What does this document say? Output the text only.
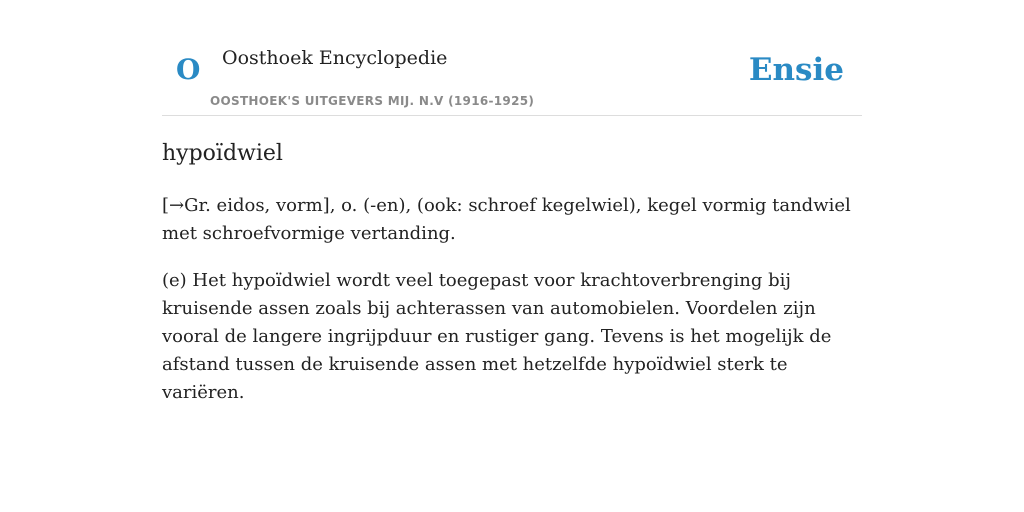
O Oosthoek Encyclopedie
OOSTHOEK'S UITGEVERS MIJ. N.V (1916-1925)
Ensie
hypoïdwiel

[→Gr. eidos, vorm], o. (-en), (ook: schroef kegelwiel), kegel vormig tandwiel met schroefvormige vertanding.

(e) Het hypoïdwiel wordt veel toegepast voor krachtoverbrenging bij kruisende assen zoals bij achterassen van automobielen. Voordelen zijn vooral de langere ingrijpduur en rustiger gang. Tevens is het mogelijk de afstand tussen de kruisende assen met hetzelfde hypoïdwiel sterk te variëren.
